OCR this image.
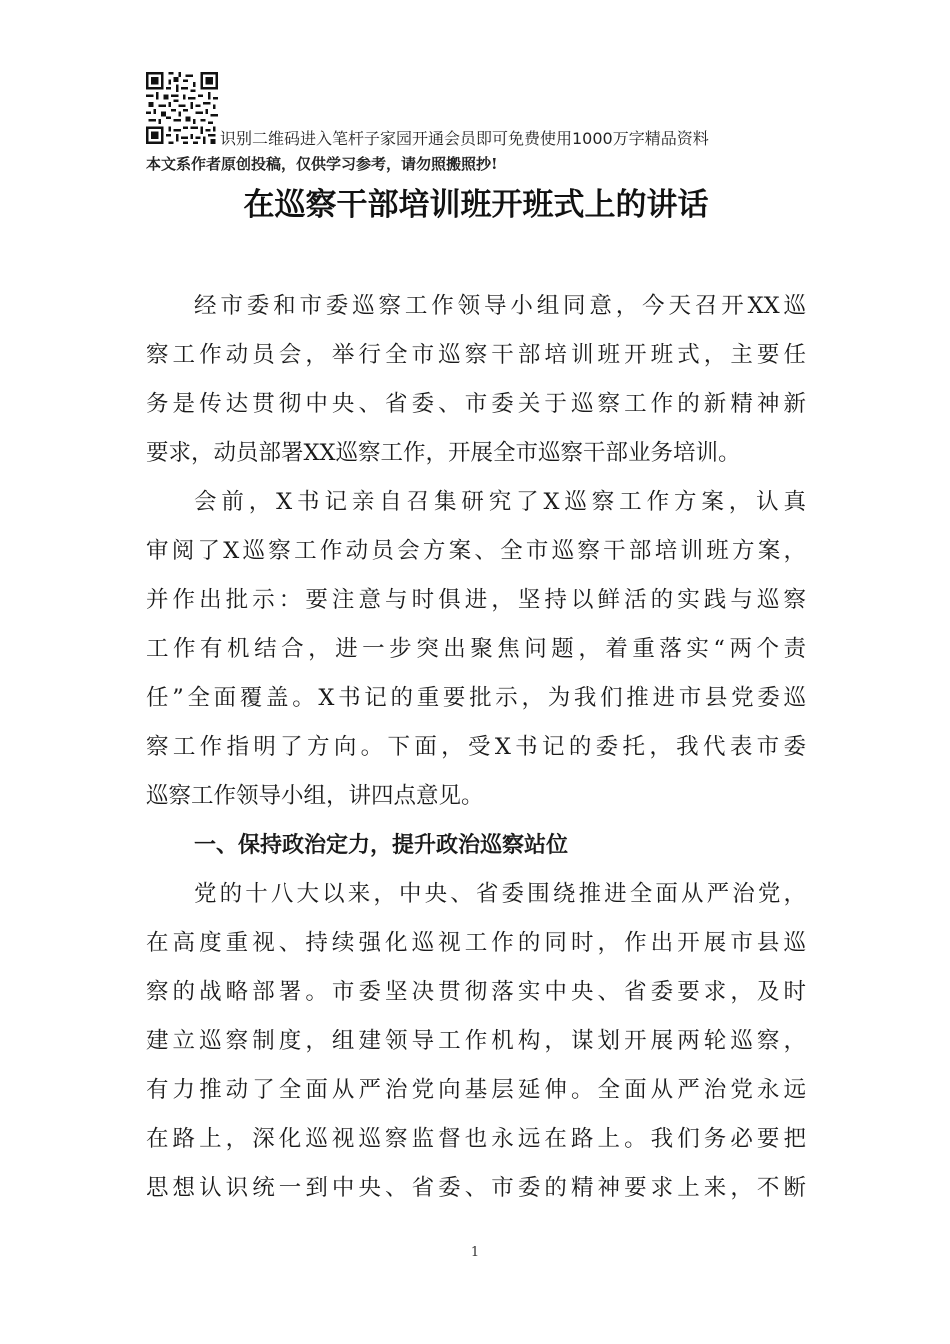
识别二维码进入笔杆子家园开通会员即可免费使用1000万字精品资料
本文系作者原创投稿，仅供学习参考，请勿照搬照抄!
在巡察干部培训班开班式上的讲话
经市委和市委巡察工作领导小组同意，今天召开XX巡
察工作动员会，举行全市巡察干部培训班开班式，主要任
务是传达贯彻中央、省委、市委关于巡察工作的新精神新
要求，动员部署XX巡察工作，开展全市巡察干部业务培训。
会前，X书记亲自召集研究了X巡察工作方案，认真
审阅了X巡察工作动员会方案、全市巡察干部培训班方案，
并作出批示：要注意与时俱进，坚持以鲜活的实践与巡察
工作有机结合，进一步突出聚焦问题，着重落实“两个责
任”全面覆盖。X书记的重要批示，为我们推进市县党委巡
察工作指明了方向。下面，受X书记的委托，我代表市委
巡察工作领导小组，讲四点意见。
一、保持政治定力，提升政治巡察站位
党的十八大以来，中央、省委围绕推进全面从严治党，
在高度重视、持续强化巡视工作的同时，作出开展市县巡
察的战略部署。市委坚决贯彻落实中央、省委要求，及时
建立巡察制度，组建领导工作机构，谋划开展两轮巡察，
有力推动了全面从严治党向基层延伸。全面从严治党永远
在路上，深化巡视巡察监督也永远在路上。我们务必要把
思想认识统一到中央、省委、市委的精神要求上来，不断
1
